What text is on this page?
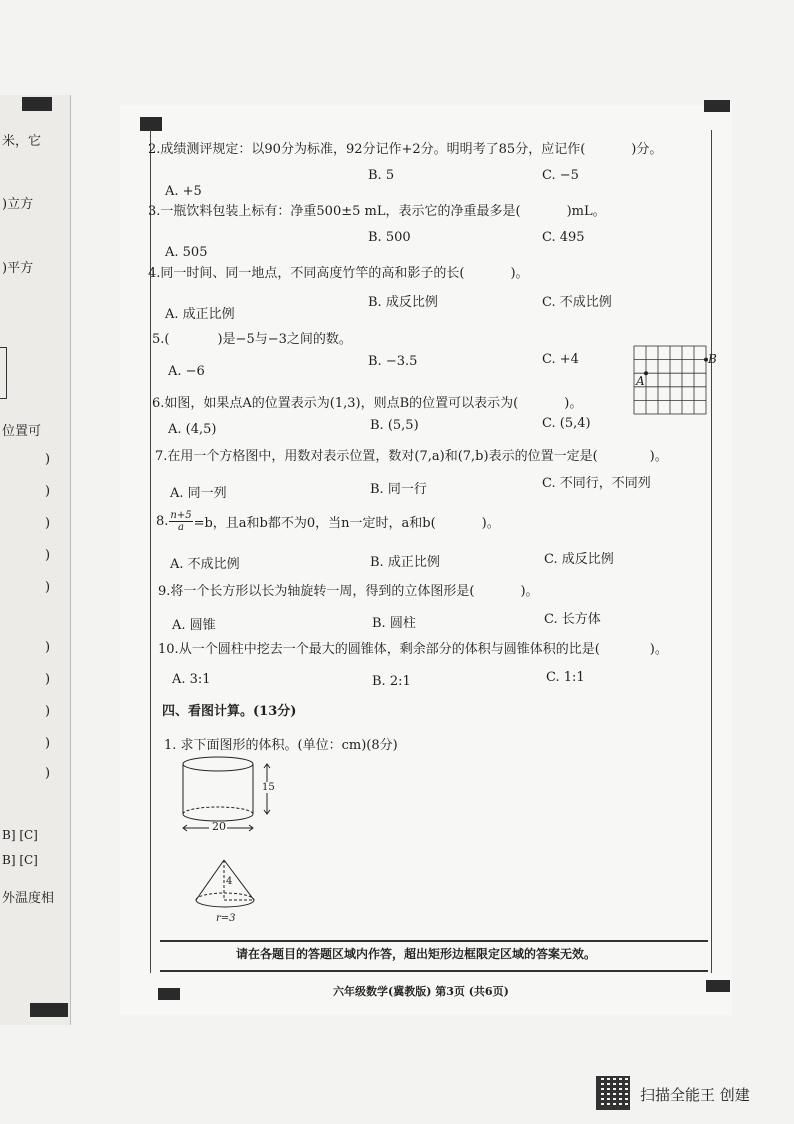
米，它
)立方
)平方
位置可
)
)
)
)
)
)
)
)
)
)
B] [C]
B] [C]
外温度相
2.成绩测评规定：以90分为标准，92分记作+2分。明明考了85分，应记作(	)分。
A. +5
B. 5	C. −5
3.一瓶饮料包装上标有：净重500±5 mL，表示它的净重最多是(	)mL。
A. 505
B. 500	C. 495
4.同一时间、同一地点，不同高度竹竿的高和影子的长(	)。
A. 成正比例
B. 成反比例	C. 不成比例
5.(	)是−5与−3之间的数。
A. −6
B. −3.5	C. +4
A
B
6.如图，如果点A的位置表示为(1,3)，则点B的位置可以表示为(	)。
A. (4,5)	B. (5,5)	C. (5,4)
7.在用一个方格图中，用数对表示位置，数对(7,a)和(7,b)表示的位置一定是(	)。
A. 同一列	B. 同一行	C. 不同行，不同列
8. $\frac{n+5}{a} =b$，且a和b都不为0，当n一定时，a和b(	)。
A. 不成比例	B. 成正比例	C. 成反比例
9.将一个长方形以长为轴旋转一周，得到的立体图形是(	)。
A. 圆锥	B. 圆柱	C. 长方体
10.从一个圆柱中挖去一个最大的圆锥体，剩余部分的体积与圆锥体积的比是(	)。
A. 3:1	B. 2:1	C. 1:1
四、看图计算。(13分)
1. 求下面图形的体积。(单位：cm)(8分)
15
20
4
r=3
请在各题目的答题区域内作答，超出矩形边框限定区域的答案无效。
六年级数学(冀教版) 第3页 (共6页)
扫描全能王 创建
